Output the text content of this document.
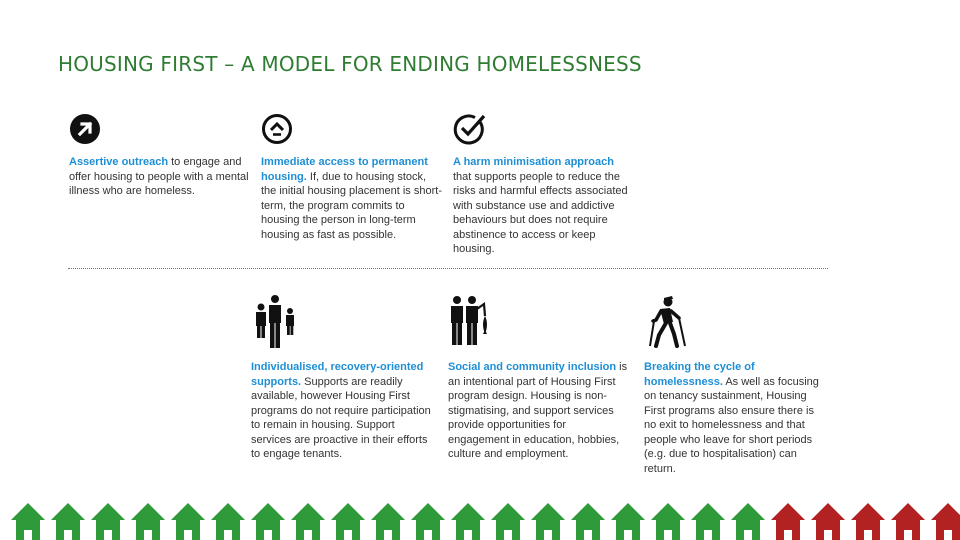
HOUSING FIRST – A MODEL FOR ENDING HOMELESSNESS
Assertive outreach to engage and offer housing to people with a mental illness who are homeless.
Immediate access to permanent housing. If, due to housing stock, the initial housing placement is short-term, the program commits to housing the person in long-term housing as fast as possible.
A harm minimisation approach that supports people to reduce the risks and harmful effects associated with substance use and addictive behaviours but does not require abstinence to access or keep housing.
Individualised, recovery-oriented supports. Supports are readily available, however Housing First programs do not require participation to remain in housing. Support services are proactive in their efforts to engage tenants.
Social and community inclusion is an intentional part of Housing First program design. Housing is non-stigmatising, and support services provide opportunities for engagement in education, hobbies, culture and employment.
Breaking the cycle of homelessness. As well as focusing on tenancy sustainment, Housing First programs also ensure there is no exit to homelessness and that people who leave for short periods (e.g. due to hospitalisation) can return.
